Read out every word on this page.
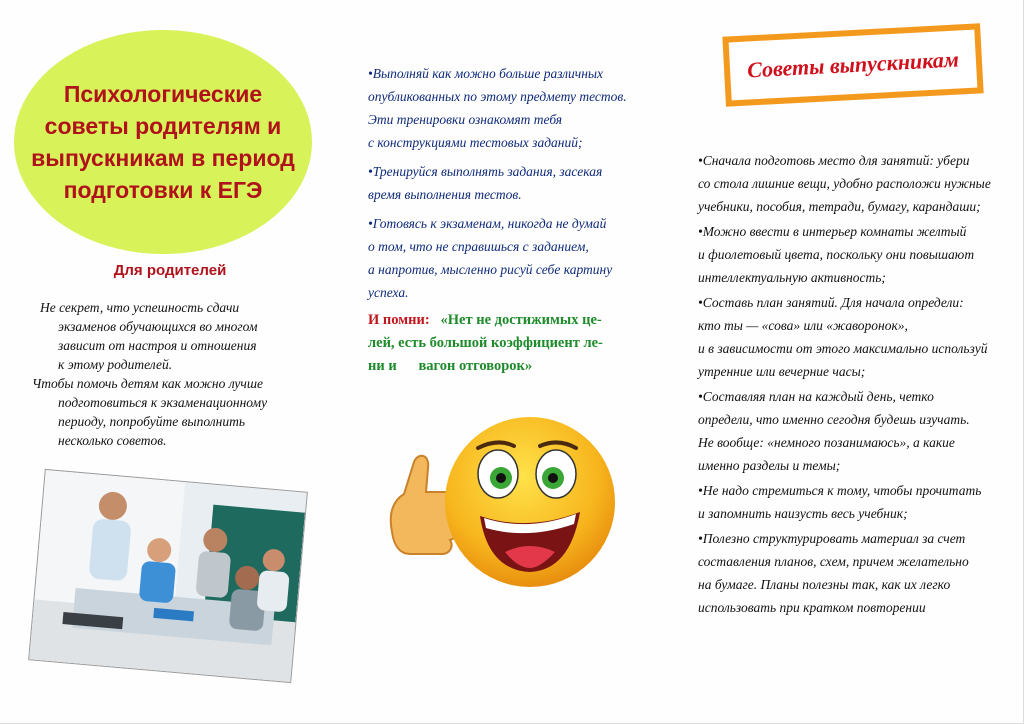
Психологические советы родителям и выпускникам в период подготовки к ЕГЭ
Для родителей

Не секрет, что успешность сдачи

экзаменов обучающихся во многом

зависит от настроя и отношения

к этому родителей.

Чтобы помочь детям как можно лучше

подготовиться к экзаменационному

периоду, попробуйте выполнить

несколько советов.

•Выполняй как можно больше различных
опубликованных по этому предмету тестов.
Эти тренировки ознакомят тебя
с конструкциями тестовых заданий;

•Тренируйся выполнять задания, засекая
время выполнения тестов.

•Готовясь к экзаменам, никогда не думай
о том, что не справишься с заданием,
а напротив, мысленно рисуй себе картину
успеха.

И помни: «Нет не достижимых це-
лей, есть большой коэффициент ле-
ни и      вагон отговорок»
Советы выпускникам

•Сначала подготовь место для занятий: убери
со стола лишние вещи, удобно расположи нужные
учебники, пособия, тетради, бумагу, карандаши;

•Можно ввести в интерьер комнаты желтый
и фиолетовый цвета, поскольку они повышают
интеллектуальную активность;

•Составь план занятий. Для начала определи:
кто ты — «сова» или «жаворонок»,
и в зависимости от этого максимально используй
утренние или вечерние часы;

•Составляя план на каждый день, четко
определи, что именно сегодня будешь изучать.
Не вообще: «немного позанимаюсь», а какие
именно разделы и темы;

•Не надо стремиться к тому, чтобы прочитать
и запомнить наизусть весь учебник;

•Полезно структурировать материал за счет
составления планов, схем, причем желательно
на бумаге. Планы полезны так, как их легко
использовать при кратком повторении
